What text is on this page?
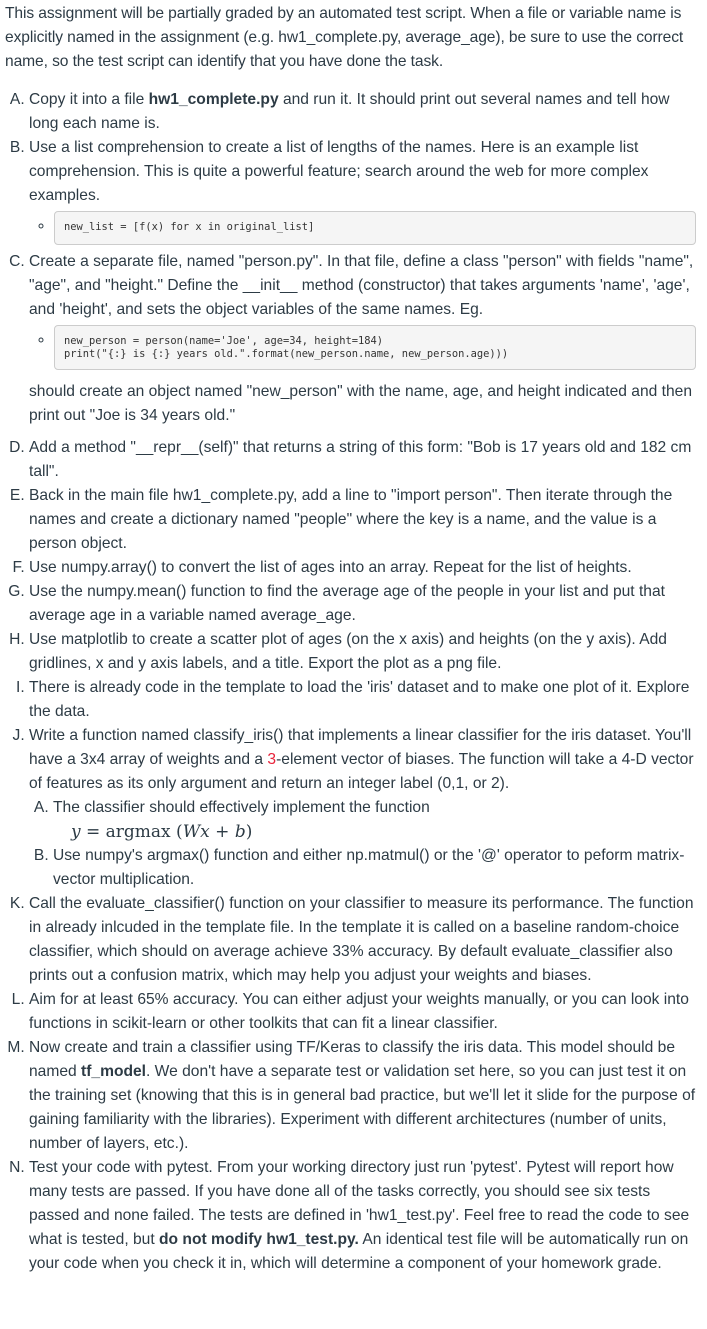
This assignment will be partially graded by an automated test script. When a file or variable name is explicitly named in the assignment (e.g. hw1_complete.py, average_age), be sure to use the correct name, so the test script can identify that you have done the task.

A. Copy it into a file hw1_complete.py and run it. It should print out several names and tell how long each name is.
B. Use a list comprehension to create a list of lengths of the names. Here is an example list comprehension. This is quite a powerful feature; search around the web for more complex examples.
◦ new_list = [f(x) for x in original_list]
C. Create a separate file, named "person.py". In that file, define a class "person" with fields "name", "age", and "height." Define the __init__ method (constructor) that takes arguments 'name', 'age', and 'height', and sets the object variables of the same names. Eg.
◦ new_person = person(name='Joe', age=34, height=184)
print("{:} is {:} years old.".format(new_person.name, new_person.age)))
should create an object named "new_person" with the name, age, and height indicated and then print out "Joe is 34 years old."
D. Add a method "__repr__(self)" that returns a string of this form: "Bob is 17 years old and 182 cm tall".
E. Back in the main file hw1_complete.py, add a line to "import person". Then iterate through the names and create a dictionary named "people" where the key is a name, and the value is a person object.
F. Use numpy.array() to convert the list of ages into an array. Repeat for the list of heights.
G. Use the numpy.mean() function to find the average age of the people in your list and put that average age in a variable named average_age.
H. Use matplotlib to create a scatter plot of ages (on the x axis) and heights (on the y axis). Add gridlines, x and y axis labels, and a title. Export the plot as a png file.
I. There is already code in the template to load the 'iris' dataset and to make one plot of it. Explore the data.
J. Write a function named classify_iris() that implements a linear classifier for the iris dataset. You'll have a 3x4 array of weights and a 3-element vector of biases. The function will take a 4-D vector of features as its only argument and return an integer label (0,1, or 2).
A. The classifier should effectively implement the function
y = argmax (Wx + b)
B. Use numpy's argmax() function and either np.matmul() or the '@' operator to peform matrix-vector multiplication.
K. Call the evaluate_classifier() function on your classifier to measure its performance. The function in already inlcuded in the template file. In the template it is called on a baseline random-choice classifier, which should on average achieve 33% accuracy. By default evaluate_classifier also prints out a confusion matrix, which may help you adjust your weights and biases.
L. Aim for at least 65% accuracy. You can either adjust your weights manually, or you can look into functions in scikit-learn or other toolkits that can fit a linear classifier.
M. Now create and train a classifier using TF/Keras to classify the iris data. This model should be named tf_model. We don't have a separate test or validation set here, so you can just test it on the training set (knowing that this is in general bad practice, but we'll let it slide for the purpose of gaining familiarity with the libraries). Experiment with different architectures (number of units, number of layers, etc.).
N. Test your code with pytest. From your working directory just run 'pytest'. Pytest will report how many tests are passed. If you have done all of the tasks correctly, you should see six tests passed and none failed. The tests are defined in 'hw1_test.py'. Feel free to read the code to see what is tested, but do not modify hw1_test.py. An identical test file will be automatically run on your code when you check it in, which will determine a component of your homework grade.
